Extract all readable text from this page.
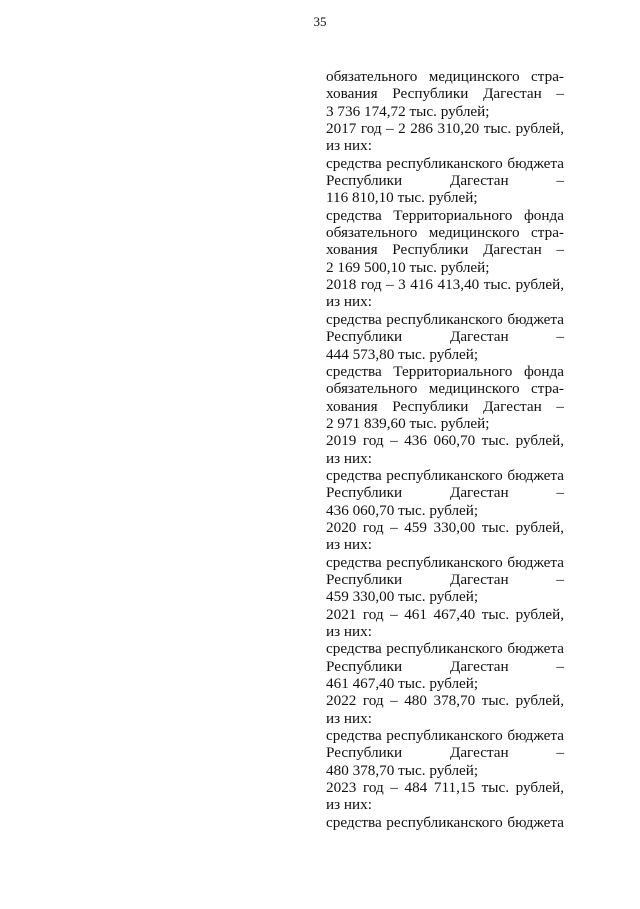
35
обязательного медицинского стра-
хования Республики Дагестан –
3 736 174,72 тыс. рублей;
2017 год – 2 286 310,20 тыс. рублей,
из них:
средства республиканского бюджета
Республики Дагестан –
116 810,10 тыс. рублей;
средства Территориального фонда
обязательного медицинского стра-
хования Республики Дагестан –
2 169 500,10 тыс. рублей;
2018 год – 3 416 413,40 тыс. рублей,
из них:
средства республиканского бюджета
Республики Дагестан –
444 573,80 тыс. рублей;
средства Территориального фонда
обязательного медицинского стра-
хования Республики Дагестан –
2 971 839,60 тыс. рублей;
2019 год – 436 060,70 тыс. рублей,
из них:
средства республиканского бюджета
Республики Дагестан –
436 060,70 тыс. рублей;
2020 год – 459 330,00 тыс. рублей,
из них:
средства республиканского бюджета
Республики Дагестан –
459 330,00 тыс. рублей;
2021 год – 461 467,40 тыс. рублей,
из них:
средства республиканского бюджета
Республики Дагестан –
461 467,40 тыс. рублей;
2022 год – 480 378,70 тыс. рублей,
из них:
средства республиканского бюджета
Республики Дагестан –
480 378,70 тыс. рублей;
2023 год – 484 711,15 тыс. рублей,
из них:
средства республиканского бюджета
